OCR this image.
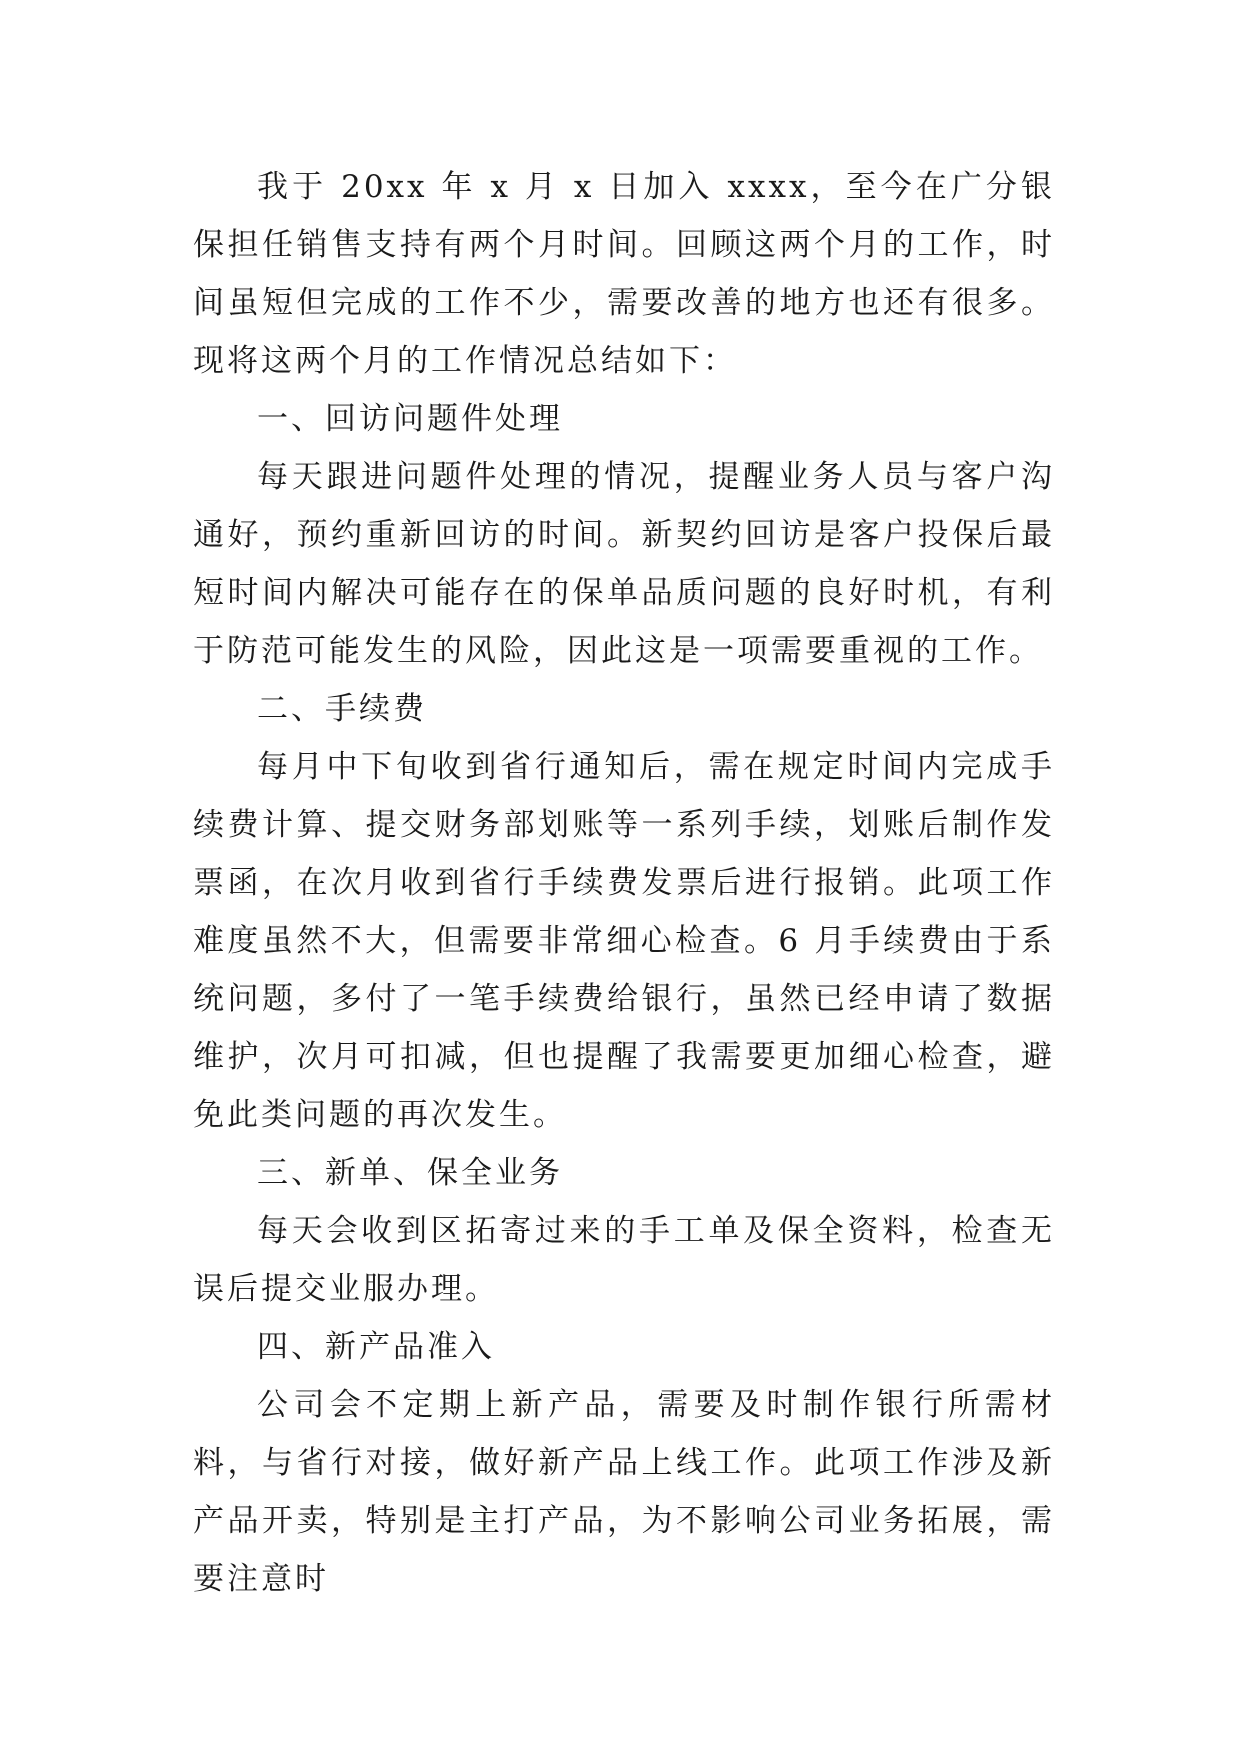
我于 20xx 年 x 月 x 日加入 xxxx，至今在广分银保担任销售支持有两个月时间。回顾这两个月的工作，时间虽短但完成的工作不少，需要改善的地方也还有很多。现将这两个月的工作情况总结如下：

一、回访问题件处理

每天跟进问题件处理的情况，提醒业务人员与客户沟通好，预约重新回访的时间。新契约回访是客户投保后最短时间内解决可能存在的保单品质问题的良好时机，有利于防范可能发生的风险，因此这是一项需要重视的工作。

二、手续费

每月中下旬收到省行通知后，需在规定时间内完成手续费计算、提交财务部划账等一系列手续，划账后制作发票函，在次月收到省行手续费发票后进行报销。此项工作难度虽然不大，但需要非常细心检查。6 月手续费由于系统问题，多付了一笔手续费给银行，虽然已经申请了数据维护，次月可扣减，但也提醒了我需要更加细心检查，避免此类问题的再次发生。

三、新单、保全业务

每天会收到区拓寄过来的手工单及保全资料，检查无误后提交业服办理。

四、新产品准入

公司会不定期上新产品，需要及时制作银行所需材料，与省行对接，做好新产品上线工作。此项工作涉及新产品开卖，特别是主打产品，为不影响公司业务拓展，需要注意时
